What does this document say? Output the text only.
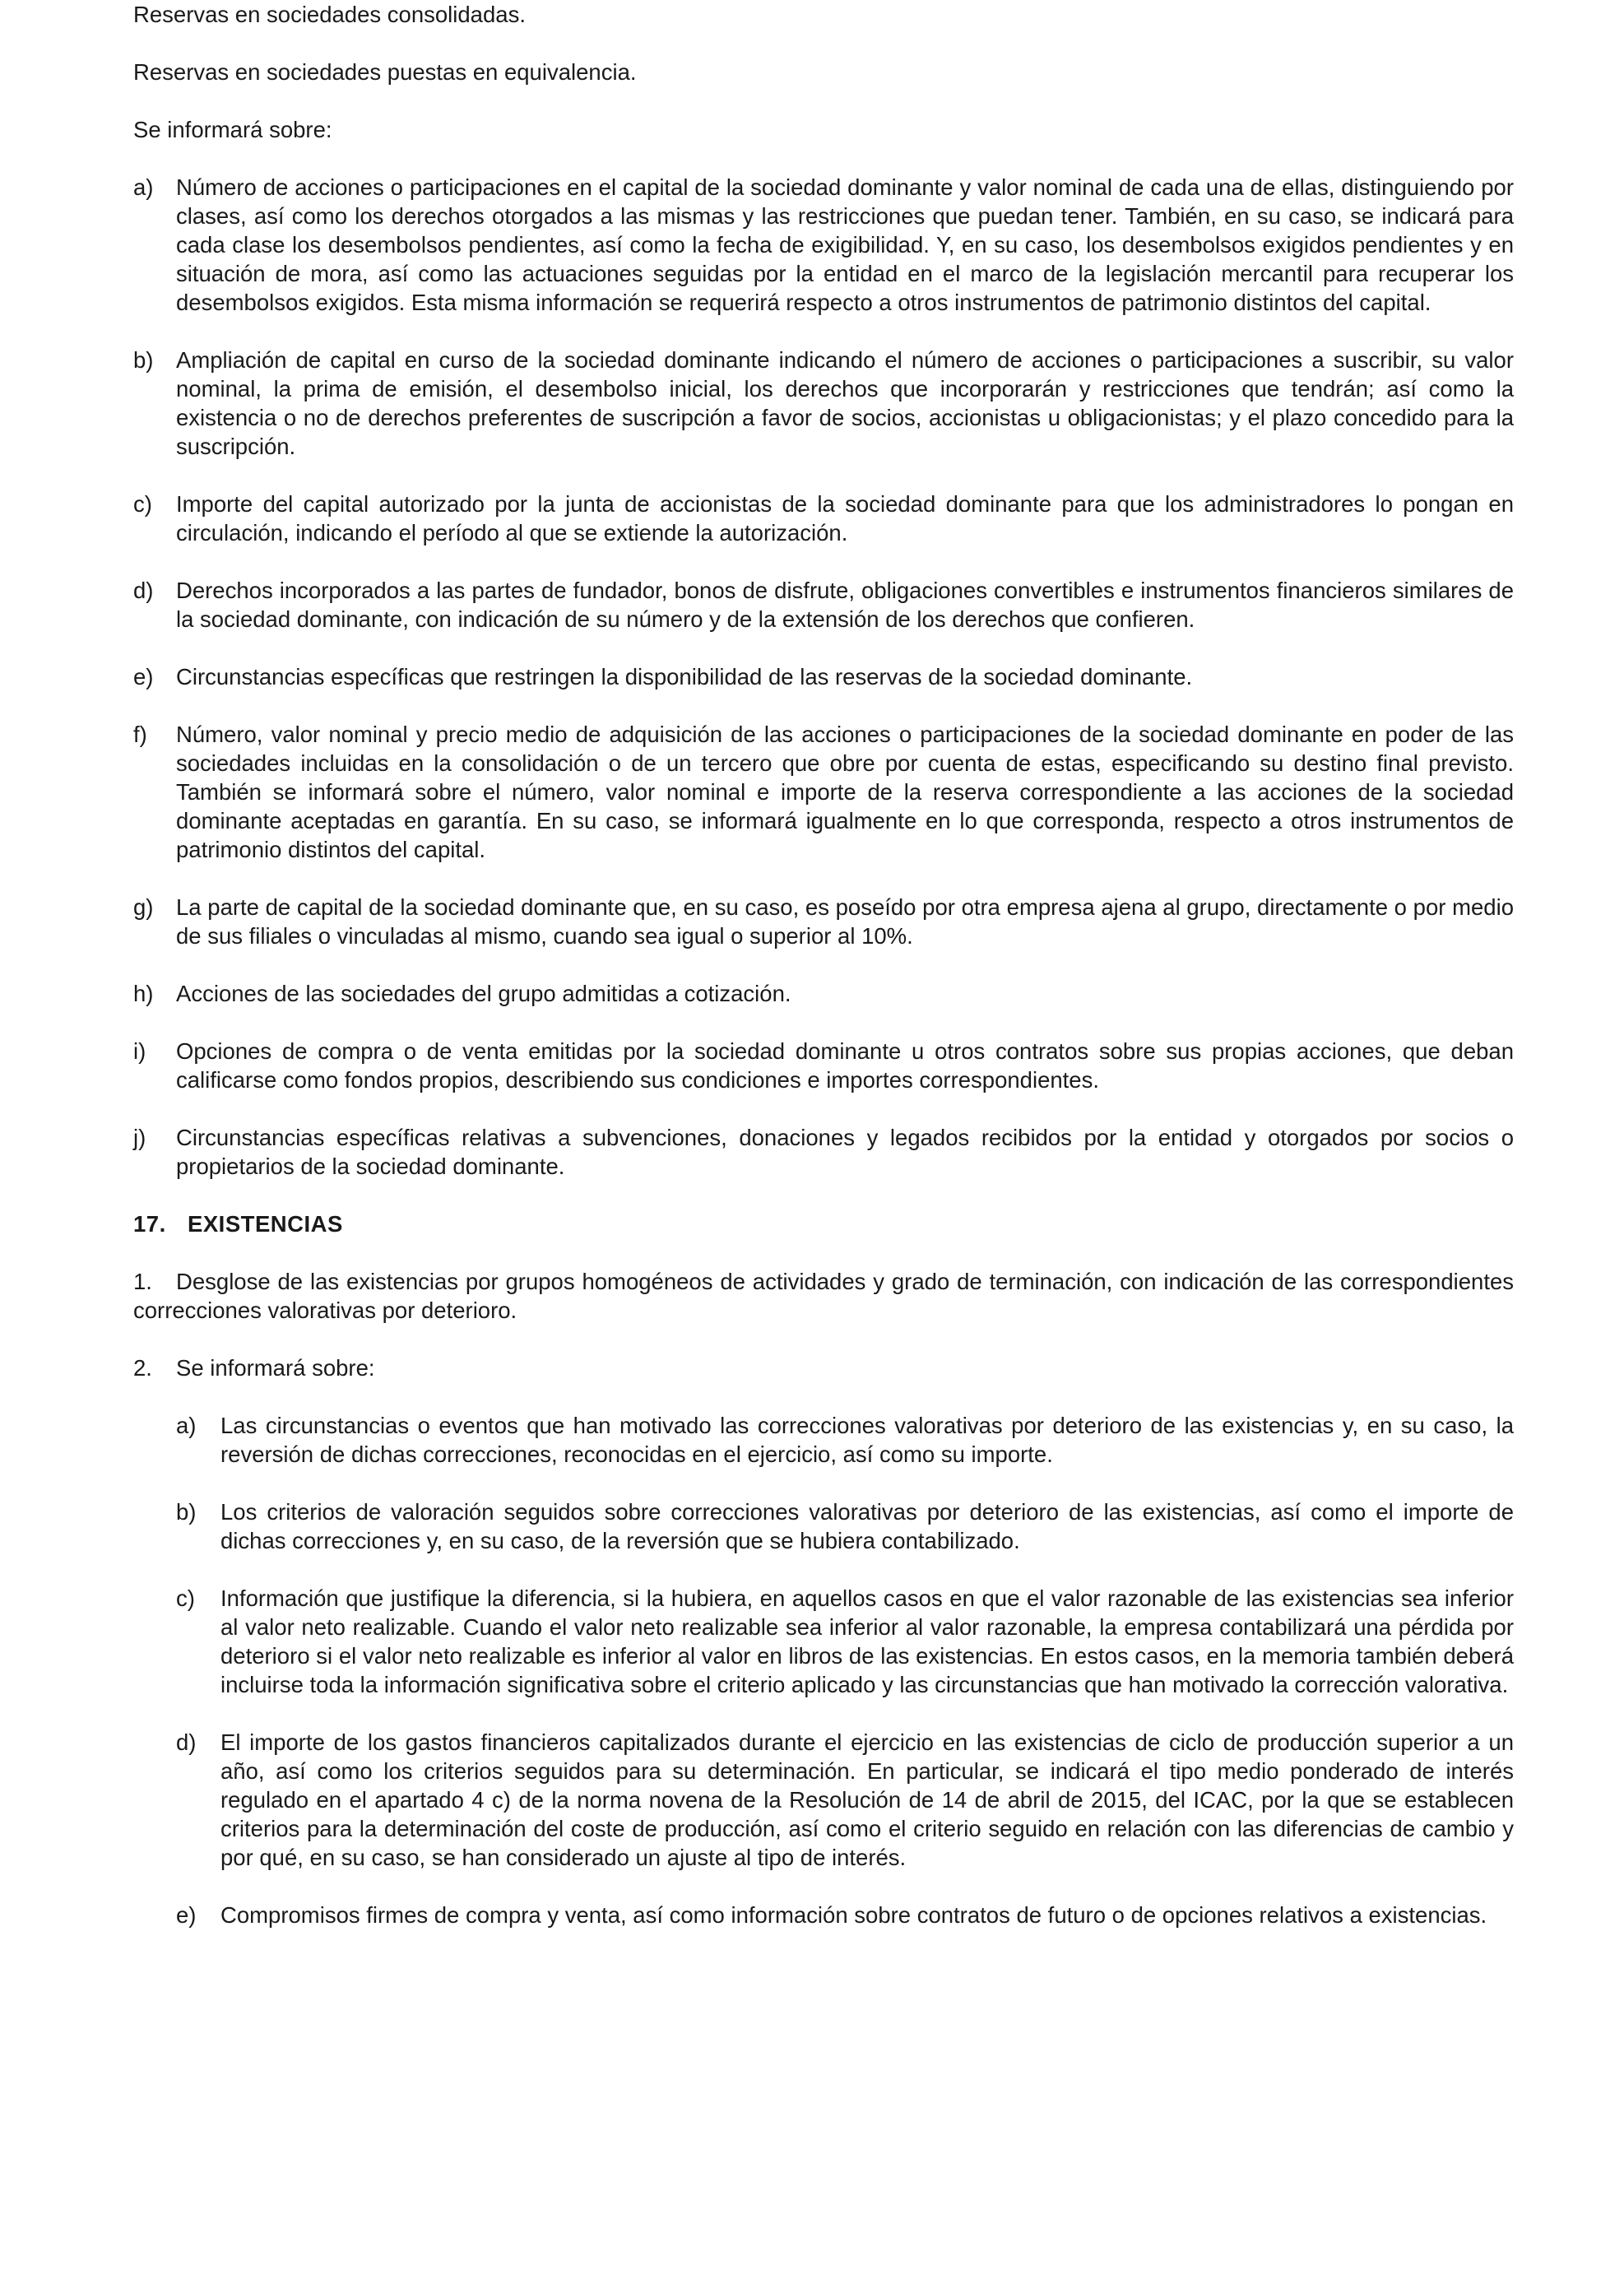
Reservas en sociedades consolidadas.

Reservas en sociedades puestas en equivalencia.

Se informará sobre:

a) Número de acciones o participaciones en el capital de la sociedad dominante y valor nominal de cada una de ellas, distinguiendo por clases, así como los derechos otorgados a las mismas y las restricciones que puedan tener. También, en su caso, se indicará para cada clase los desembolsos pendientes, así como la fecha de exigibilidad. Y, en su caso, los desembolsos exigidos pendientes y en situación de mora, así como las actuaciones seguidas por la entidad en el marco de la legislación mercantil para recuperar los desembolsos exigidos. Esta misma información se requerirá respecto a otros instrumentos de patrimonio distintos del capital.
b) Ampliación de capital en curso de la sociedad dominante indicando el número de acciones o participaciones a suscribir, su valor nominal, la prima de emisión, el desembolso inicial, los derechos que incorporarán y restricciones que tendrán; así como la existencia o no de derechos preferentes de suscripción a favor de socios, accionistas u obligacionistas; y el plazo concedido para la suscripción.
c) Importe del capital autorizado por la junta de accionistas de la sociedad dominante para que los administradores lo pongan en circulación, indicando el período al que se extiende la autorización.
d) Derechos incorporados a las partes de fundador, bonos de disfrute, obligaciones convertibles e instrumentos financieros similares de la sociedad dominante, con indicación de su número y de la extensión de los derechos que confieren.
e) Circunstancias específicas que restringen la disponibilidad de las reservas de la sociedad dominante.
f) Número, valor nominal y precio medio de adquisición de las acciones o participaciones de la sociedad dominante en poder de las sociedades incluidas en la consolidación o de un tercero que obre por cuenta de estas, especificando su destino final previsto. También se informará sobre el número, valor nominal e importe de la reserva correspondiente a las acciones de la sociedad dominante aceptadas en garantía. En su caso, se informará igualmente en lo que corresponda, respecto a otros instrumentos de patrimonio distintos del capital.
g) La parte de capital de la sociedad dominante que, en su caso, es poseído por otra empresa ajena al grupo, directamente o por medio de sus filiales o vinculadas al mismo, cuando sea igual o superior al 10%.
h) Acciones de las sociedades del grupo admitidas a cotización.
i) Opciones de compra o de venta emitidas por la sociedad dominante u otros contratos sobre sus propias acciones, que deban calificarse como fondos propios, describiendo sus condiciones e importes correspondientes.
j) Circunstancias específicas relativas a subvenciones, donaciones y legados recibidos por la entidad y otorgados por socios o propietarios de la sociedad dominante.

17. EXISTENCIAS

1. Desglose de las existencias por grupos homogéneos de actividades y grado de terminación, con indicación de las correspondientes correcciones valorativas por deterioro.

2. Se informará sobre:

a) Las circunstancias o eventos que han motivado las correcciones valorativas por deterioro de las existencias y, en su caso, la reversión de dichas correcciones, reconocidas en el ejercicio, así como su importe.
b) Los criterios de valoración seguidos sobre correcciones valorativas por deterioro de las existencias, así como el importe de dichas correcciones y, en su caso, de la reversión que se hubiera contabilizado.
c) Información que justifique la diferencia, si la hubiera, en aquellos casos en que el valor razonable de las existencias sea inferior al valor neto realizable. Cuando el valor neto realizable sea inferior al valor razonable, la empresa contabilizará una pérdida por deterioro si el valor neto realizable es inferior al valor en libros de las existencias. En estos casos, en la memoria también deberá incluirse toda la información significativa sobre el criterio aplicado y las circunstancias que han motivado la corrección valorativa.
d) El importe de los gastos financieros capitalizados durante el ejercicio en las existencias de ciclo de producción superior a un año, así como los criterios seguidos para su determinación. En particular, se indicará el tipo medio ponderado de interés regulado en el apartado 4 c) de la norma novena de la Resolución de 14 de abril de 2015, del ICAC, por la que se establecen criterios para la determinación del coste de producción, así como el criterio seguido en relación con las diferencias de cambio y por qué, en su caso, se han considerado un ajuste al tipo de interés.
e) Compromisos firmes de compra y venta, así como información sobre contratos de futuro o de opciones relativos a existencias.
